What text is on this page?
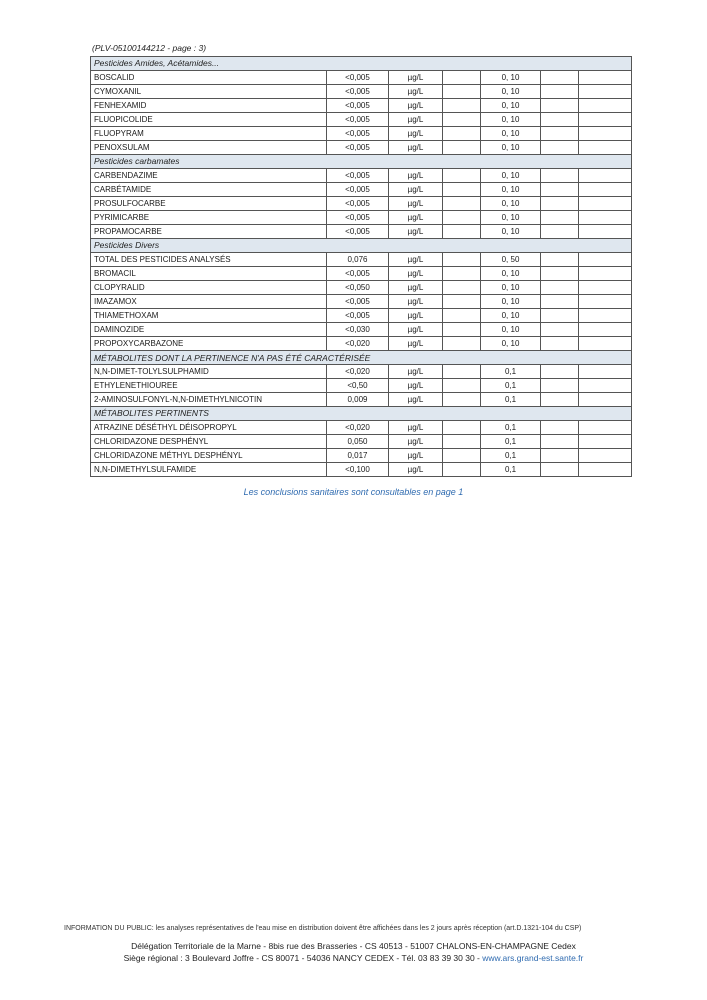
(PLV-05100144212 - page : 3)
Pesticides Amides, Acétamides...						
BOSCALID	<0,005	µg/L		0, 10		
CYMOXANIL	<0,005	µg/L		0, 10		
FENHEXAMID	<0,005	µg/L		0, 10		
FLUOPICOLIDE	<0,005	µg/L		0, 10		
FLUOPYRAM	<0,005	µg/L		0, 10		
PENOXSULAM	<0,005	µg/L		0, 10		
Pesticides carbamates						
CARBENDAZIME	<0,005	µg/L		0, 10		
CARBÉTAMIDE	<0,005	µg/L		0, 10		
PROSULFOCARBE	<0,005	µg/L		0, 10		
PYRIMICARBE	<0,005	µg/L		0, 10		
PROPAMOCARBE	<0,005	µg/L		0, 10		
Pesticides Divers						
TOTAL DES PESTICIDES ANALYSÉS	0,076	µg/L		0, 50		
BROMACIL	<0,005	µg/L		0, 10		
CLOPYRALID	<0,050	µg/L		0, 10		
IMAZAMOX	<0,005	µg/L		0, 10		
THIAMETHOXAM	<0,005	µg/L		0, 10		
DAMINOZIDE	<0,030	µg/L		0, 10		
PROPOXYCARBAZONE	<0,020	µg/L		0, 10		
MÉTABOLITES DONT LA PERTINENCE N'A PAS ÉTÉ CARACTÉRISÉE						
N,N-DIMET-TOLYLSULPHAMID	<0,020	µg/L		0,1		
ETHYLENETHIOUREE	<0,50	µg/L		0,1		
2-AMINOSULFONYL-N,N-DIMETHYLNICOTIN	0,009	µg/L		0,1		
MÉTABOLITES PERTINENTS						
ATRAZINE DÉSÉTHYL DÉISOPROPYL	<0,020	µg/L		0,1		
CHLORIDAZONE DESPHÉNYL	0,050	µg/L		0,1		
CHLORIDAZONE MÉTHYL DESPHÉNYL	0,017	µg/L		0,1		
N,N-DIMETHYLSULFAMIDE	<0,100	µg/L		0,1		
Les conclusions sanitaires sont consultables en page 1
INFORMATION DU PUBLIC: les analyses représentatives de l'eau mise en distribution doivent être affichées dans les 2 jours après réception (art.D.1321-104 du CSP)
Délégation Territoriale de la Marne - 8bis rue des Brasseries - CS 40513 - 51007 CHALONS-EN-CHAMPAGNE Cedex
Siège régional : 3 Boulevard Joffre - CS 80071 - 54036 NANCY CEDEX - Tél. 03 83 39 30 30 - www.ars.grand-est.sante.fr
